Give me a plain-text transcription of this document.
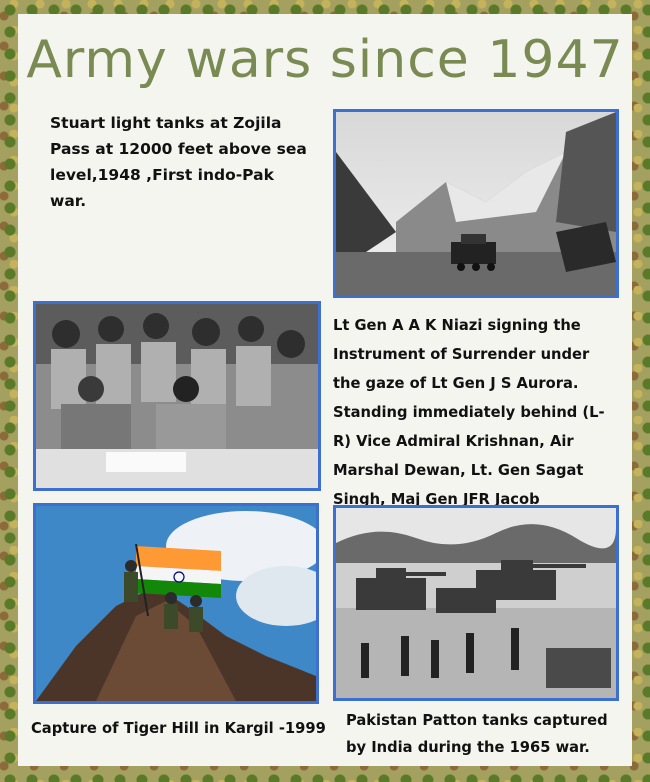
Army wars since 1947

Stuart light tanks at Zojila Pass at 12000 feet above sea level,1948 ,First indo-Pak war.

Lt Gen A A K Niazi signing the Instrument of Surrender under the gaze of Lt Gen J S Aurora. Standing immediately behind (L-R) Vice Admiral Krishnan, Air Marshal Dewan, Lt. Gen Sagat Singh, Maj Gen JFR Jacob

Capture of Tiger Hill in Kargil -1999	Pakistan Patton tanks captured by India during the 1965 war.
